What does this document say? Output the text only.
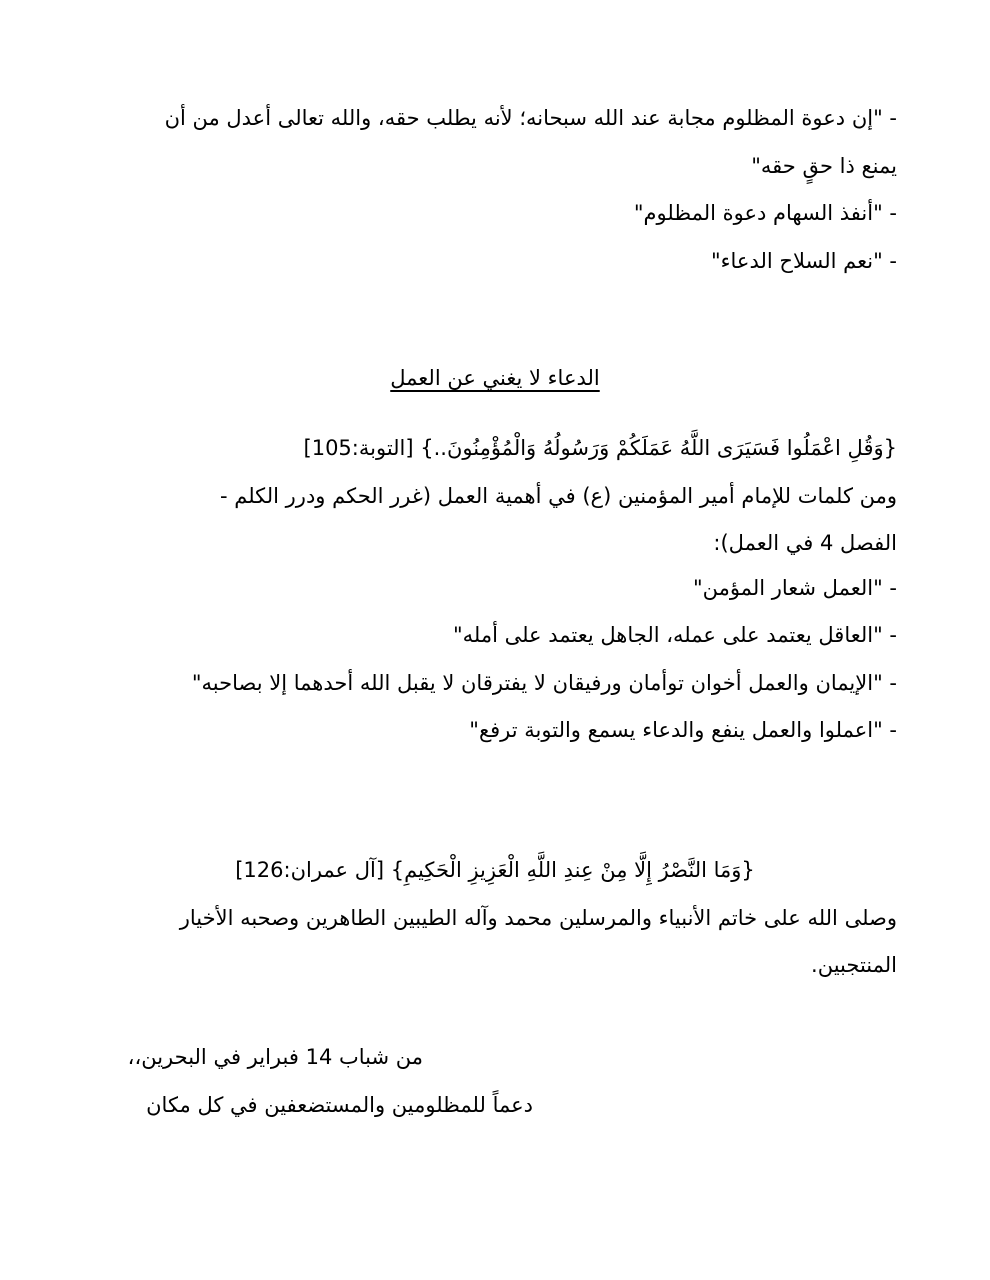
- "إن دعوة المظلوم مجابة عند الله سبحانه؛ لأنه يطلب حقه، والله تعالى أعدل من أن
يمنع ذا حقٍ حقه"
- "أنفذ السهام دعوة المظلوم"
- "نعم السلاح الدعاء"
الدعاء لا يغني عن العمل
{وَقُلِ اعْمَلُوا فَسَيَرَى اللَّهُ عَمَلَكُمْ وَرَسُولُهُ وَالْمُؤْمِنُونَ..} [التوبة:105]
ومن كلمات للإمام أمير المؤمنين (ع) في أهمية العمل (غرر الحكم ودرر الكلم -
الفصل 4 في العمل):
- "العمل شعار المؤمن"
- "العاقل يعتمد على عمله، الجاهل يعتمد على أمله"
- "الإيمان والعمل أخوان توأمان ورفيقان لا يفترقان لا يقبل الله أحدهما إلا بصاحبه"
- "اعملوا والعمل ينفع والدعاء يسمع والتوبة ترفع"
{وَمَا النَّصْرُ إِلَّا مِنْ عِندِ اللَّهِ الْعَزِيزِ الْحَكِيمِ} [آل عمران:126]
وصلى الله على خاتم الأنبياء والمرسلين محمد وآله الطيبين الطاهرين وصحبه الأخيار
المنتجبين.
من شباب 14 فبراير في البحرين،،
دعماً للمظلومين والمستضعفين في كل مكان
